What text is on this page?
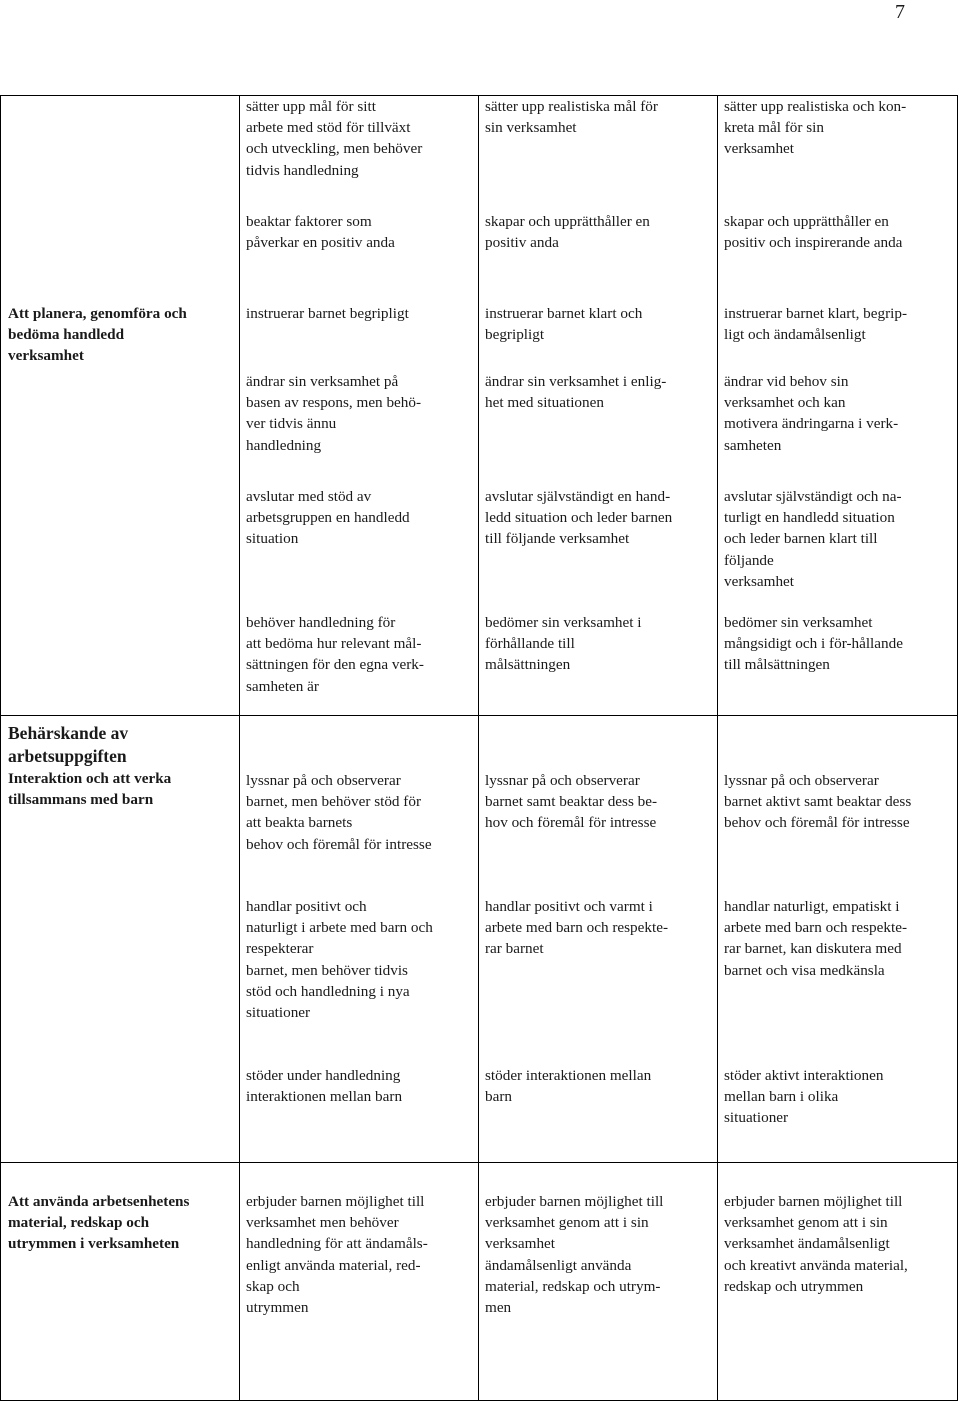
7

sätter upp mål för sitt
arbete med stöd för tillväxt
och utveckling, men behöver
tidvis handledning

sätter upp realistiska mål för
sin verksamhet

sätter upp realistiska och kon-
kreta mål för sin
verksamhet

beaktar faktorer som
påverkar en positiv anda

skapar och upprätthåller en
positiv anda

skapar och upprätthåller en
positiv och inspirerande anda

Att planera, genomföra och
bedöma handledd
verksamhet

instruerar barnet begripligt	instruerar barnet klart och
begripligt

instruerar barnet klart, begrip-
ligt och ändamålsenligt

ändrar sin verksamhet på
basen av respons, men behö-
ver tidvis ännu
handledning

ändrar sin verksamhet i enlig-
het med situationen

ändrar vid behov sin
verksamhet och kan
motivera ändringarna i verk-
samheten

avslutar med stöd av
arbetsgruppen en handledd
situation

avslutar självständigt en hand-
ledd situation och leder barnen
till följande verksamhet

avslutar självständigt och na-
turligt en handledd situation
och leder barnen klart till
följande
verksamhet

behöver handledning för
att bedöma hur relevant mål-
sättningen för den egna verk-
samheten är

bedömer sin verksamhet i
förhållande till
målsättningen

bedömer sin verksamhet
mångsidigt och i för-hållande
till målsättningen

Behärskande av
arbetsuppgiften

Interaktion och att verka
tillsammans med barn

lyssnar på och observerar
barnet, men behöver stöd för
att beakta barnets
behov och föremål för intresse

lyssnar på och observerar
barnet samt beaktar dess be-
hov och föremål för intresse

lyssnar på och observerar
barnet aktivt samt beaktar dess
behov och föremål för intresse

handlar positivt och
naturligt i arbete med barn och
respekterar
barnet, men behöver tidvis
stöd och handledning i nya
situationer

handlar positivt och varmt i
arbete med barn och respekte-
rar barnet

handlar naturligt, empatiskt i
arbete med barn och respekte-
rar barnet, kan diskutera med
barnet och visa medkänsla

stöder under handledning
interaktionen mellan barn

stöder interaktionen mellan
barn

stöder aktivt interaktionen
mellan barn i olika
situationer

Att använda arbetsenhetens
material, redskap och
utrymmen i verksamheten

erbjuder barnen möjlighet till
verksamhet men behöver
handledning för att ändamåls-
enligt använda material, red-
skap och
utrymmen

erbjuder barnen möjlighet till
verksamhet genom att i sin
verksamhet
ändamålsenligt använda
material, redskap och utrym-
men

erbjuder barnen möjlighet till
verksamhet genom att i sin
verksamhet ändamålsenligt
och kreativt använda material,
redskap och utrymmen
